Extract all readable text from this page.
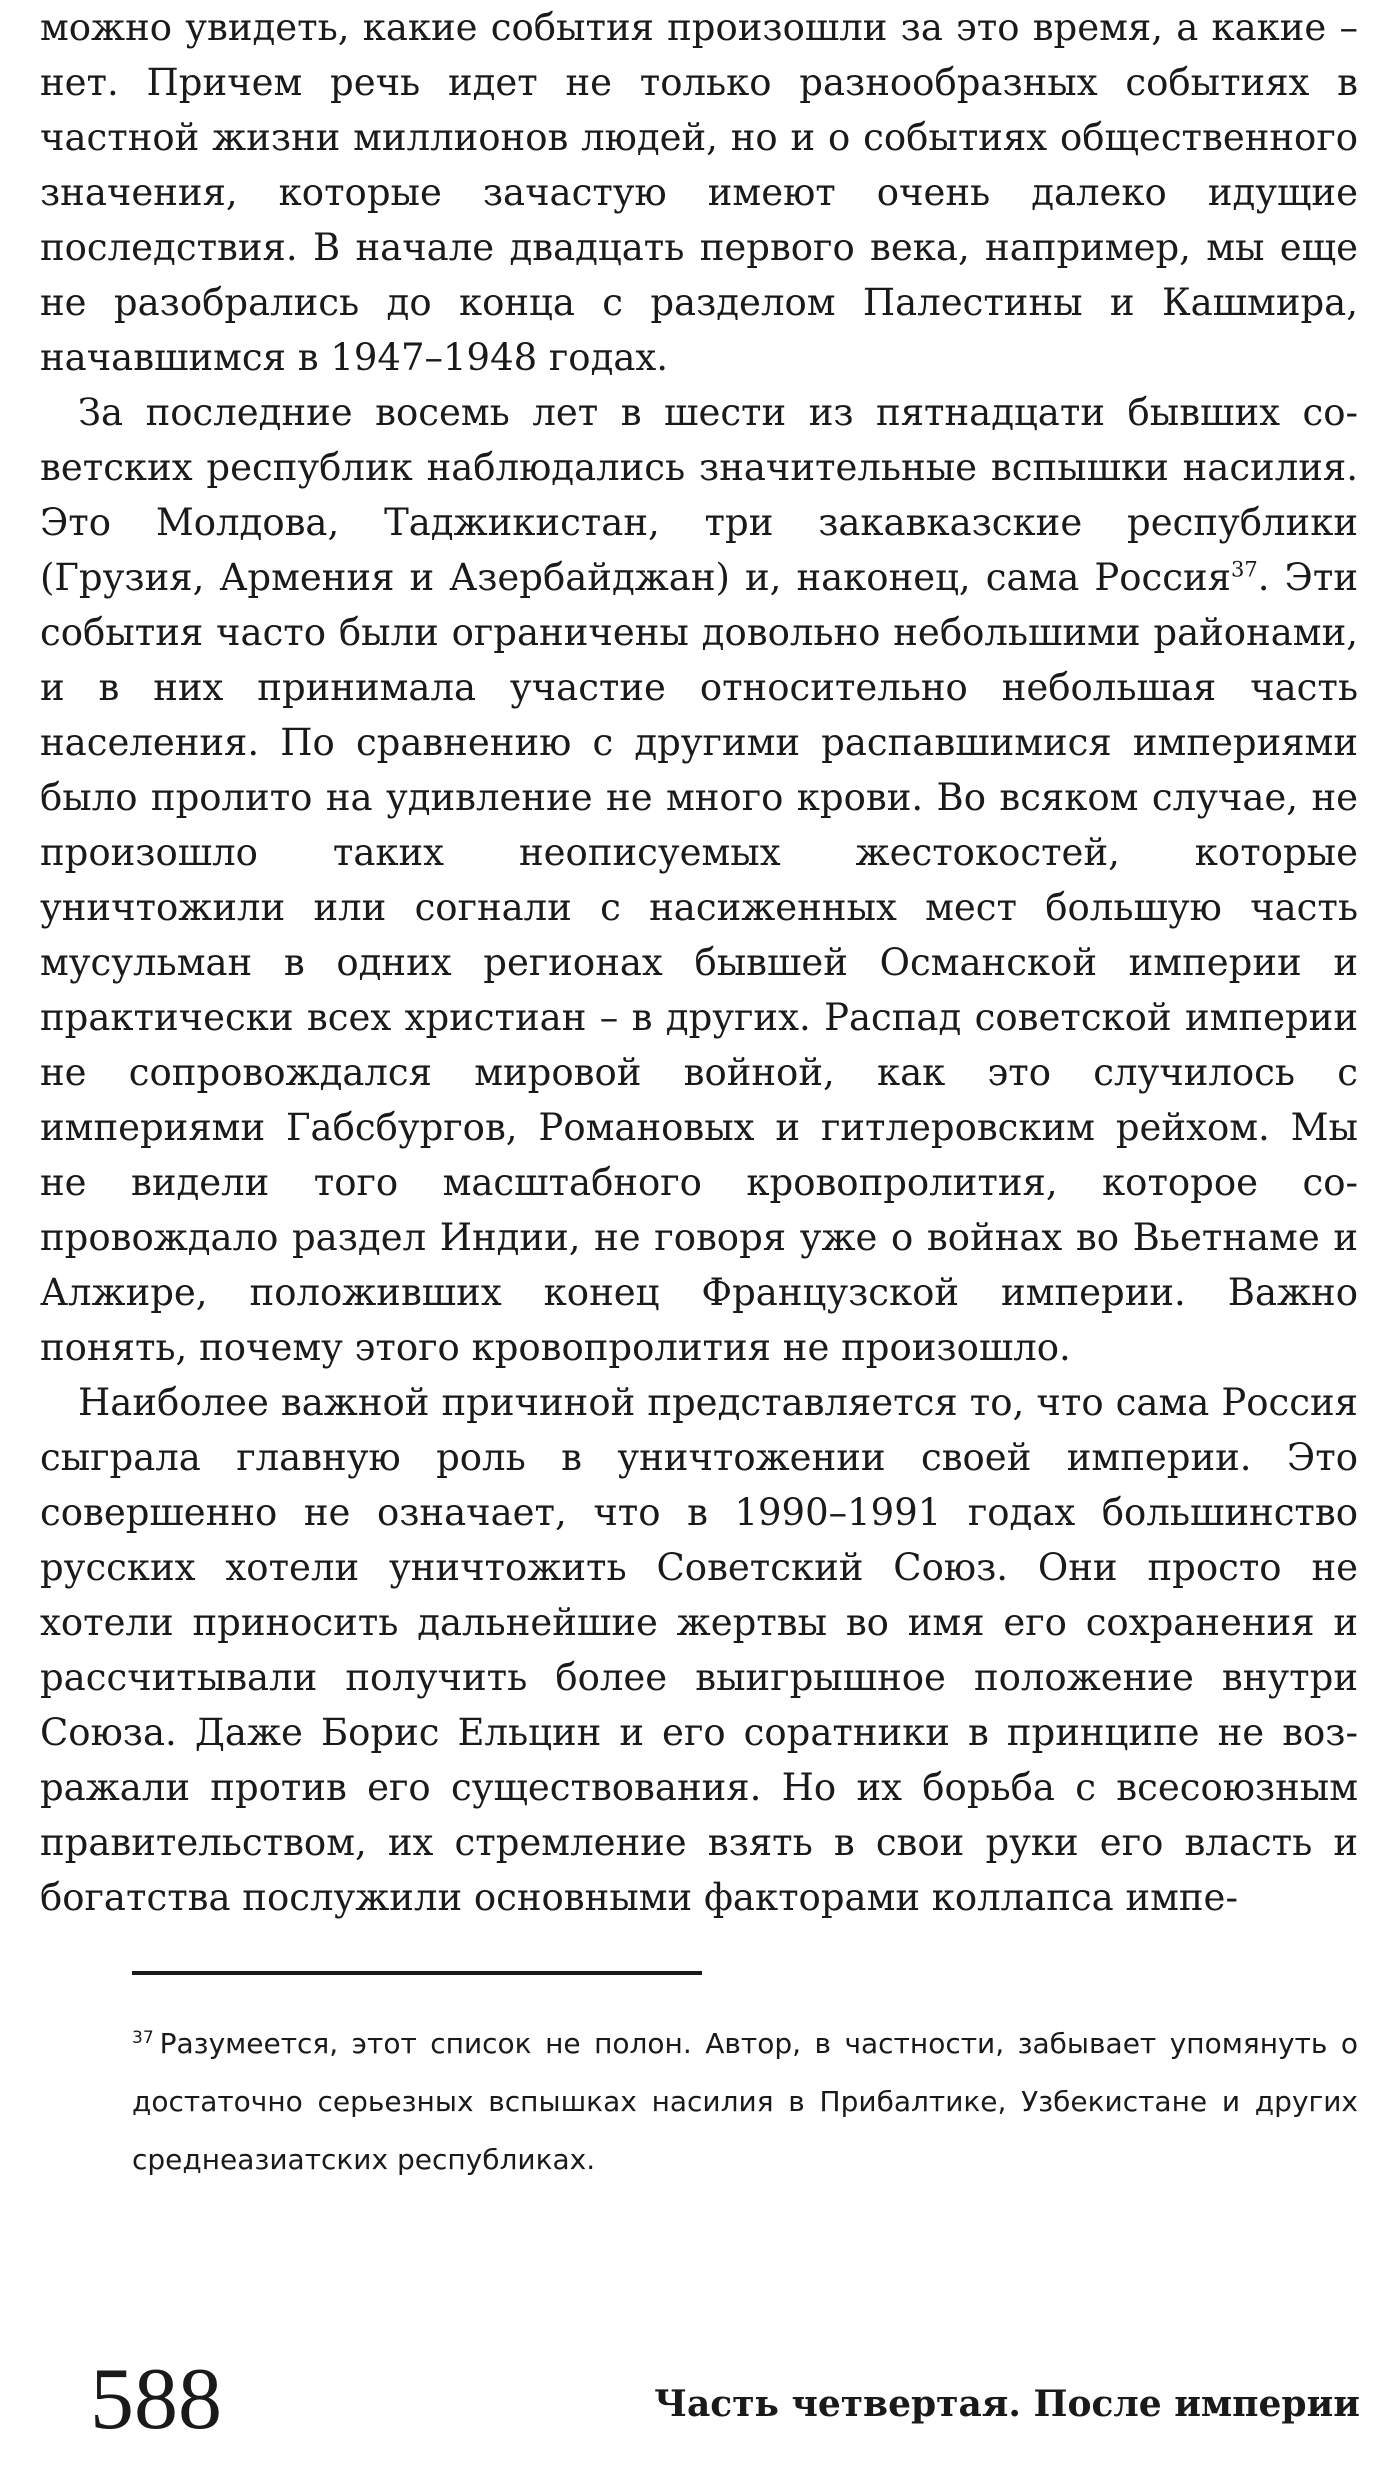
можно увидеть, какие события произошли за это время, а какие – нет. Причем речь идет не только разнообразных событиях в частной жизни миллионов людей, но и о событиях общественного значения, которые зачастую имеют очень далеко идущие последствия. В начале двадцать первого века, например, мы еще не разобрались до конца с разделом Палестины и Кашмира, начавшимся в 1947–1948 годах.

За последние восемь лет в шести из пятнадцати бывших советских республик наблюдались значительные вспышки насилия. Это Молдова, Таджикистан, три закавказские республики (Грузия, Армения и Азербайджан) и, наконец, сама Россия$^{37}$. Эти события часто были ограничены довольно небольшими районами, и в них принимала участие относительно небольшая часть населения. По сравнению с другими распавшимися империями было пролито на удивление не много крови. Во всяком случае, не произошло таких неописуемых жестокостей, которые уничтожили или согнали с насиженных мест большую часть мусульман в одних регионах бывшей Османской империи и практически всех христиан – в других. Распад советской империи не сопровождался мировой войной, как это случилось с империями Габсбургов, Романовых и гитлеровским рейхом. Мы не видели того масштабного кровопролития, которое сопровождало раздел Индии, не говоря уже о войнах во Вьетнаме и Алжире, положивших конец Французской империи. Важно понять, почему этого кровопролития не произошло.

Наиболее важной причиной представляется то, что сама Россия сыграла главную роль в уничтожении своей империи. Это совершенно не означает, что в 1990–1991 годах большинство русских хотели уничтожить Советский Союз. Они просто не хотели приносить дальнейшие жертвы во имя его сохранения и рассчитывали получить более выигрышное положение внутри Союза. Даже Борис Ельцин и его соратники в принципе не возражали против его существования. Но их борьба с всесоюзным правительством, их стремление взять в свои руки его власть и богатства послужили основными факторами коллапса импе-

$^{37}$ Разумеется, этот список не полон. Автор, в частности, забывает упомянуть о достаточно серьезных вспышках насилия в Прибалтике, Узбекистане и других среднеазиатских республиках.
588	Часть четвертая. После империи
